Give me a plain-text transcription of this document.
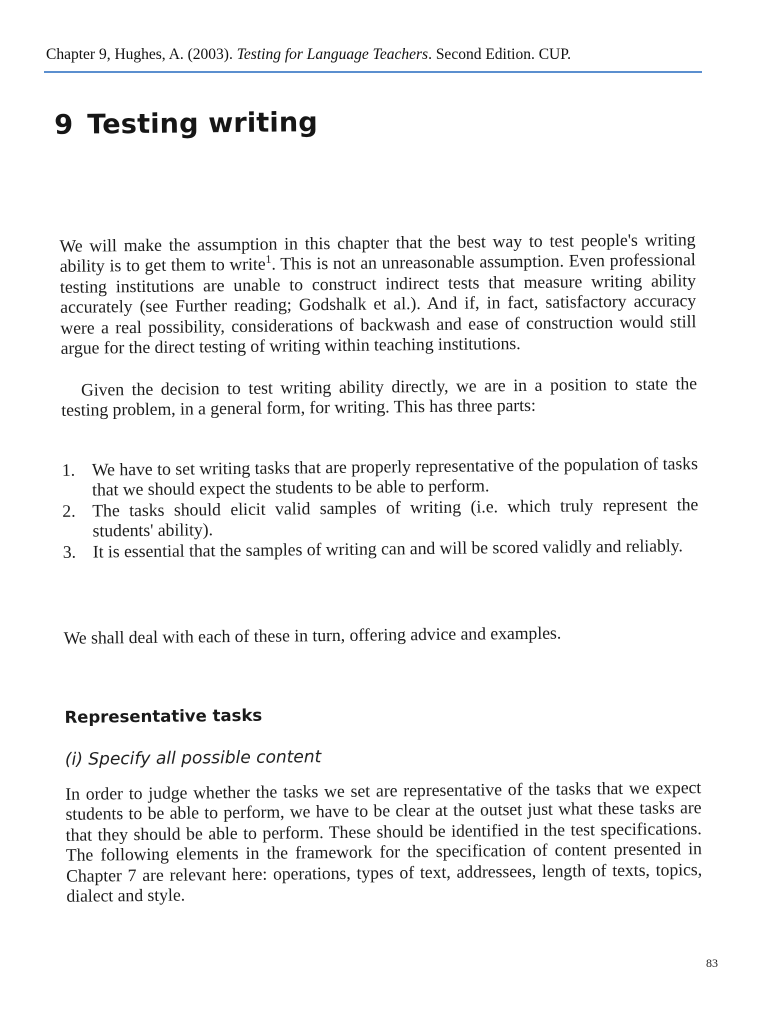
Chapter 9, Hughes, A. (2003). Testing for Language Teachers. Second Edition. CUP.
9 Testing writing
We will make the assumption in this chapter that the best way to test people's writing ability is to get them to write$^1$. This is not an unreasonable assumption. Even professional testing institutions are unable to construct indirect tests that measure writing ability accurately (see Further reading; Godshalk et al.). And if, in fact, satisfactory accuracy were a real possibility, considerations of backwash and ease of construction would still argue for the direct testing of writing within teaching institutions.
Given the decision to test writing ability directly, we are in a position to state the testing problem, in a general form, for writing. This has three parts:
1. We have to set writing tasks that are properly representative of the population of tasks that we should expect the students to be able to perform.
2. The tasks should elicit valid samples of writing (i.e. which truly represent the students' ability).
3. It is essential that the samples of writing can and will be scored validly and reliably.
We shall deal with each of these in turn, offering advice and examples.
Representative tasks
(i) Specify all possible content
In order to judge whether the tasks we set are representative of the tasks that we expect students to be able to perform, we have to be clear at the outset just what these tasks are that they should be able to perform. These should be identified in the test specifications. The following elements in the framework for the specification of content presented in Chapter 7 are relevant here: operations, types of text, addressees, length of texts, topics, dialect and style.
83
